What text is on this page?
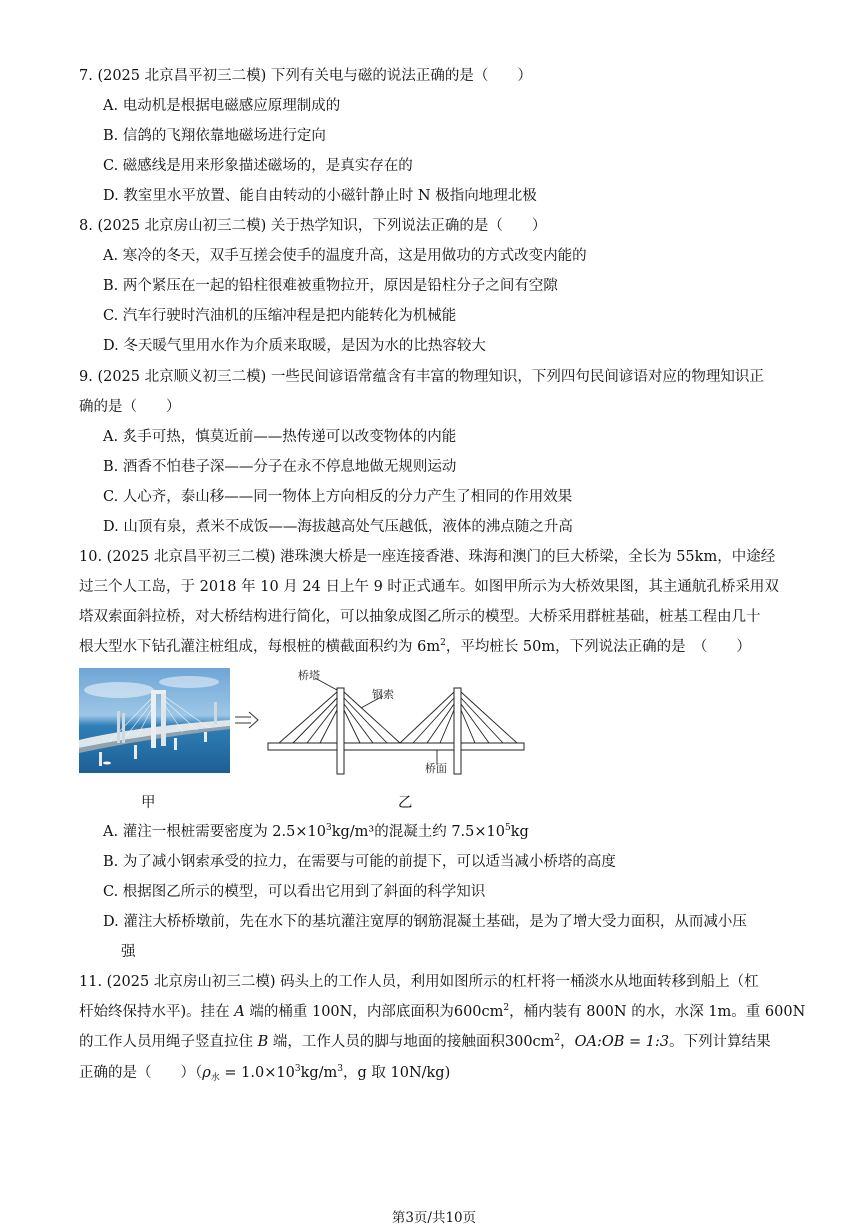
7. (2025 北京昌平初三二模) 下列有关电与磁的说法正确的是（　　）
A. 电动机是根据电磁感应原理制成的
B. 信鸽的飞翔依靠地磁场进行定向
C. 磁感线是用来形象描述磁场的，是真实存在的
D. 教室里水平放置、能自由转动的小磁针静止时 N 极指向地理北极
8. (2025 北京房山初三二模) 关于热学知识，下列说法正确的是（　　）
A. 寒冷的冬天，双手互搓会使手的温度升高，这是用做功的方式改变内能的
B. 两个紧压在一起的铅柱很难被重物拉开，原因是铅柱分子之间有空隙
C. 汽车行驶时汽油机的压缩冲程是把内能转化为机械能
D. 冬天暖气里用水作为介质来取暖，是因为水的比热容较大
9. (2025 北京顺义初三二模) 一些民间谚语常蕴含有丰富的物理知识，下列四句民间谚语对应的物理知识正
确的是（　　）
A. 炙手可热，慎莫近前——热传递可以改变物体的内能
B. 酒香不怕巷子深——分子在永不停息地做无规则运动
C. 人心齐，泰山移——同一物体上方向相反的分力产生了相同的作用效果
D. 山顶有泉，煮米不成饭——海拔越高处气压越低，液体的沸点随之升高
10. (2025 北京昌平初三二模) 港珠澳大桥是一座连接香港、珠海和澳门的巨大桥梁，全长为 55km，中途经
过三个人工岛，于 2018 年 10 月 24 日上午 9 时正式通车。如图甲所示为大桥效果图，其主通航孔桥采用双
塔双索面斜拉桥，对大桥结构进行简化，可以抽象成图乙所示的模型。大桥采用群桩基础，桩基工程由几十
根大型水下钻孔灌注桩组成，每根桩的横截面积约为 $6m^2$，平均桩长 50m，下列说法正确的是　（　　）
桥塔
钢索
桥面
甲	乙
A. 灌注一根桩需要密度为 $2.5\times 10^3kg/m^3$的混凝土约 $7.5\times 10^5kg$
B. 为了减小钢索承受的拉力，在需要与可能的前提下，可以适当减小桥塔的高度
C. 根据图乙所示的模型，可以看出它用到了斜面的科学知识
D. 灌注大桥桥墩前，先在水下的基坑灌注宽厚的钢筋混凝土基础，是为了增大受力面积，从而减小压
强
11. (2025 北京房山初三二模) 码头上的工作人员，利用如图所示的杠杆将一桶淡水从地面转移到船上（杠
杆始终保持水平)。挂在 A 端的桶重 100N，内部底面积为$600cm^2$，桶内装有 800N 的水，水深 1m。重 600N
的工作人员用绳子竖直拉住 B 端，工作人员的脚与地面的接触面积$300cm^2$，OA:OB = 1:3。下列计算结果
正确的是（　　）（$\rho_水 = 1.0\times 10^3kg/m^3$，g 取 10N/kg)
第3页/共10页
